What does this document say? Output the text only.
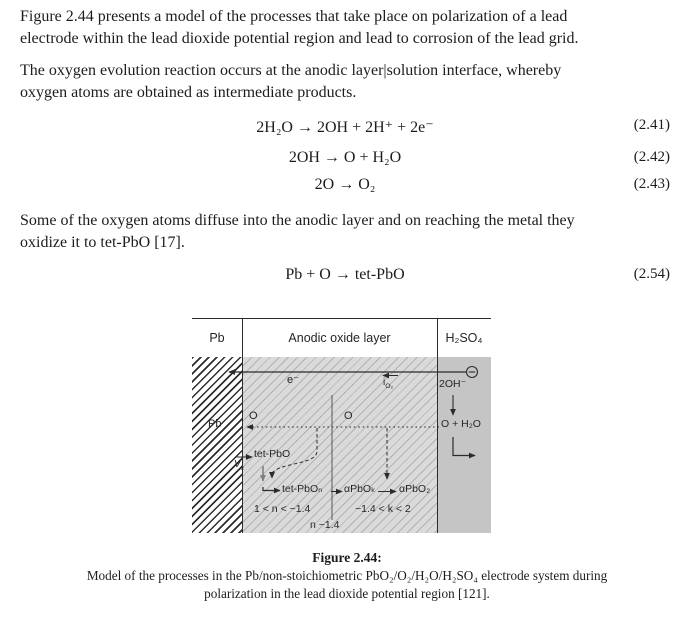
Figure 2.44 presents a model of the processes that take place on polarization of a lead
electrode within the lead dioxide potential region and lead to corrosion of the lead grid.
The oxygen evolution reaction occurs at the anodic layer|solution interface, whereby
oxygen atoms are obtained as intermediate products.
2H₂O → 2OH + 2H⁺ + 2e⁻	(2.41)
2OH → O + H₂O	(2.42)
2O → O₂	(2.43)
Some of the oxygen atoms diffuse into the anodic layer and on reaching the metal they
oxidize it to tet-PbO [17].
Pb + O → tet-PbO	(2.54)
Pb	Anodic oxide layer	H₂SO₄
e⁻	$i_{O_2}$	2OH⁻
O + H₂O
O	O
Pb
tet-PbO
$V_c$
tet-PbOₙ αPbOₖ αPbO₂
1 < n < ~1.4	~1.4 < k < 2
n ~1.4
Figure 2.44:
Model of the processes in the Pb/non-stoichiometric PbO₂/O₂/H₂O/H₂SO₄ electrode system during
polarization in the lead dioxide potential region [121].
